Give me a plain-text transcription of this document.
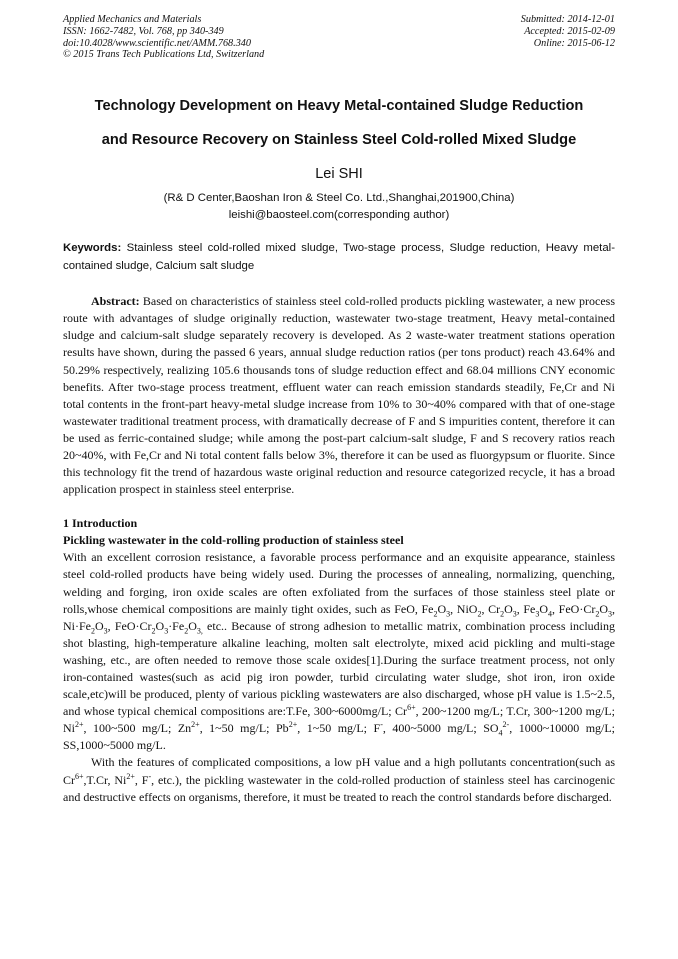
Applied Mechanics and Materials
ISSN: 1662-7482, Vol. 768, pp 340-349
doi:10.4028/www.scientific.net/AMM.768.340
© 2015 Trans Tech Publications Ltd, Switzerland
Submitted: 2014-12-01
Accepted: 2015-02-09
Online: 2015-06-12
Technology Development on Heavy Metal-contained Sludge Reduction
and Resource Recovery on Stainless Steel Cold-rolled Mixed Sludge
Lei SHI
(R& D Center,Baoshan Iron & Steel Co. Ltd.,Shanghai,201900,China)
leishi@baosteel.com(corresponding author)
Keywords: Stainless steel cold-rolled mixed sludge, Two-stage process, Sludge reduction, Heavy metal-contained sludge, Calcium salt sludge
Abstract: Based on characteristics of stainless steel cold-rolled products pickling wastewater, a new process route with advantages of sludge originally reduction, wastewater two-stage treatment, Heavy metal-contained sludge and calcium-salt sludge separately recovery is developed. As 2 waste-water treatment stations operation results have shown, during the passed 6 years, annual sludge reduction ratios (per tons product) reach 43.64% and 50.29% respectively, realizing 105.6 thousands tons of sludge reduction effect and 68.04 millions CNY economic benefits. After two-stage process treatment, effluent water can reach emission standards steadily, Fe,Cr and Ni total contents in the front-part heavy-metal sludge increase from 10% to 30~40% compared with that of one-stage wastewater traditional treatment process, with dramatically decrease of F and S impurities content, therefore it can be used as ferric-contained sludge; while among the post-part calcium-salt sludge, F and S recovery ratios reach 20~40%, with Fe,Cr and Ni total content falls below 3%, therefore it can be used as fluorgypsum or fluorite. Since this technology fit the trend of hazardous waste original reduction and resource categorized recycle, it has a broad application prospect in stainless steel enterprise.
1 Introduction
Pickling wastewater in the cold-rolling production of stainless steel

With an excellent corrosion resistance, a favorable process performance and an exquisite appearance, stainless steel cold-rolled products have being widely used. During the processes of annealing, normalizing, quenching, welding and forging, iron oxide scales are often exfoliated from the surfaces of those stainless steel plate or rolls,whose chemical compositions are mainly tight oxides, such as FeO, $Fe_2O_3$, NiO$_2$, $Cr_2O_3$, $Fe_3O_4$, $FeO\cdot Cr_2O_3$, $Ni\cdot Fe_2O_3$, $FeO\cdot Cr_2O_3\cdot Fe_2O_{3,}$ etc.. Because of strong adhesion to metallic matrix, combination process including shot blasting, high-temperature alkaline leaching, molten salt electrolyte, mixed acid pickling and multi-stage washing, etc., are often needed to remove those scale oxides[1].During the surface treatment process, not only iron-contained wastes(such as acid pig iron powder, turbid circulating water sludge, shot iron, iron oxide scale,etc)will be produced, plenty of various pickling wastewaters are also discharged, whose pH value is 1.5~2.5, and whose typical chemical compositions are:T.Fe, 300~6000mg/L; $Cr^{6+}$, 200~1200 mg/L; T.Cr, 300~1200 mg/L; $Ni^{2+}$, 100~500 mg/L; $Zn^{2+}$, 1~50 mg/L; $Pb^{2+}$, 1~50 mg/L; F-, 400~5000 mg/L; $SO_4^{2-}$, 1000~10000 mg/L; SS,1000~5000 mg/L.

With the features of complicated compositions, a low pH value and a high pollutants concentration(such as $Cr^{6+},T.Cr$, $Ni^{2+}$, F-, etc.), the pickling wastewater in the cold-rolled production of stainless steel has carcinogenic and destructive effects on organisms, therefore, it must be treated to reach the control standards before discharged.
